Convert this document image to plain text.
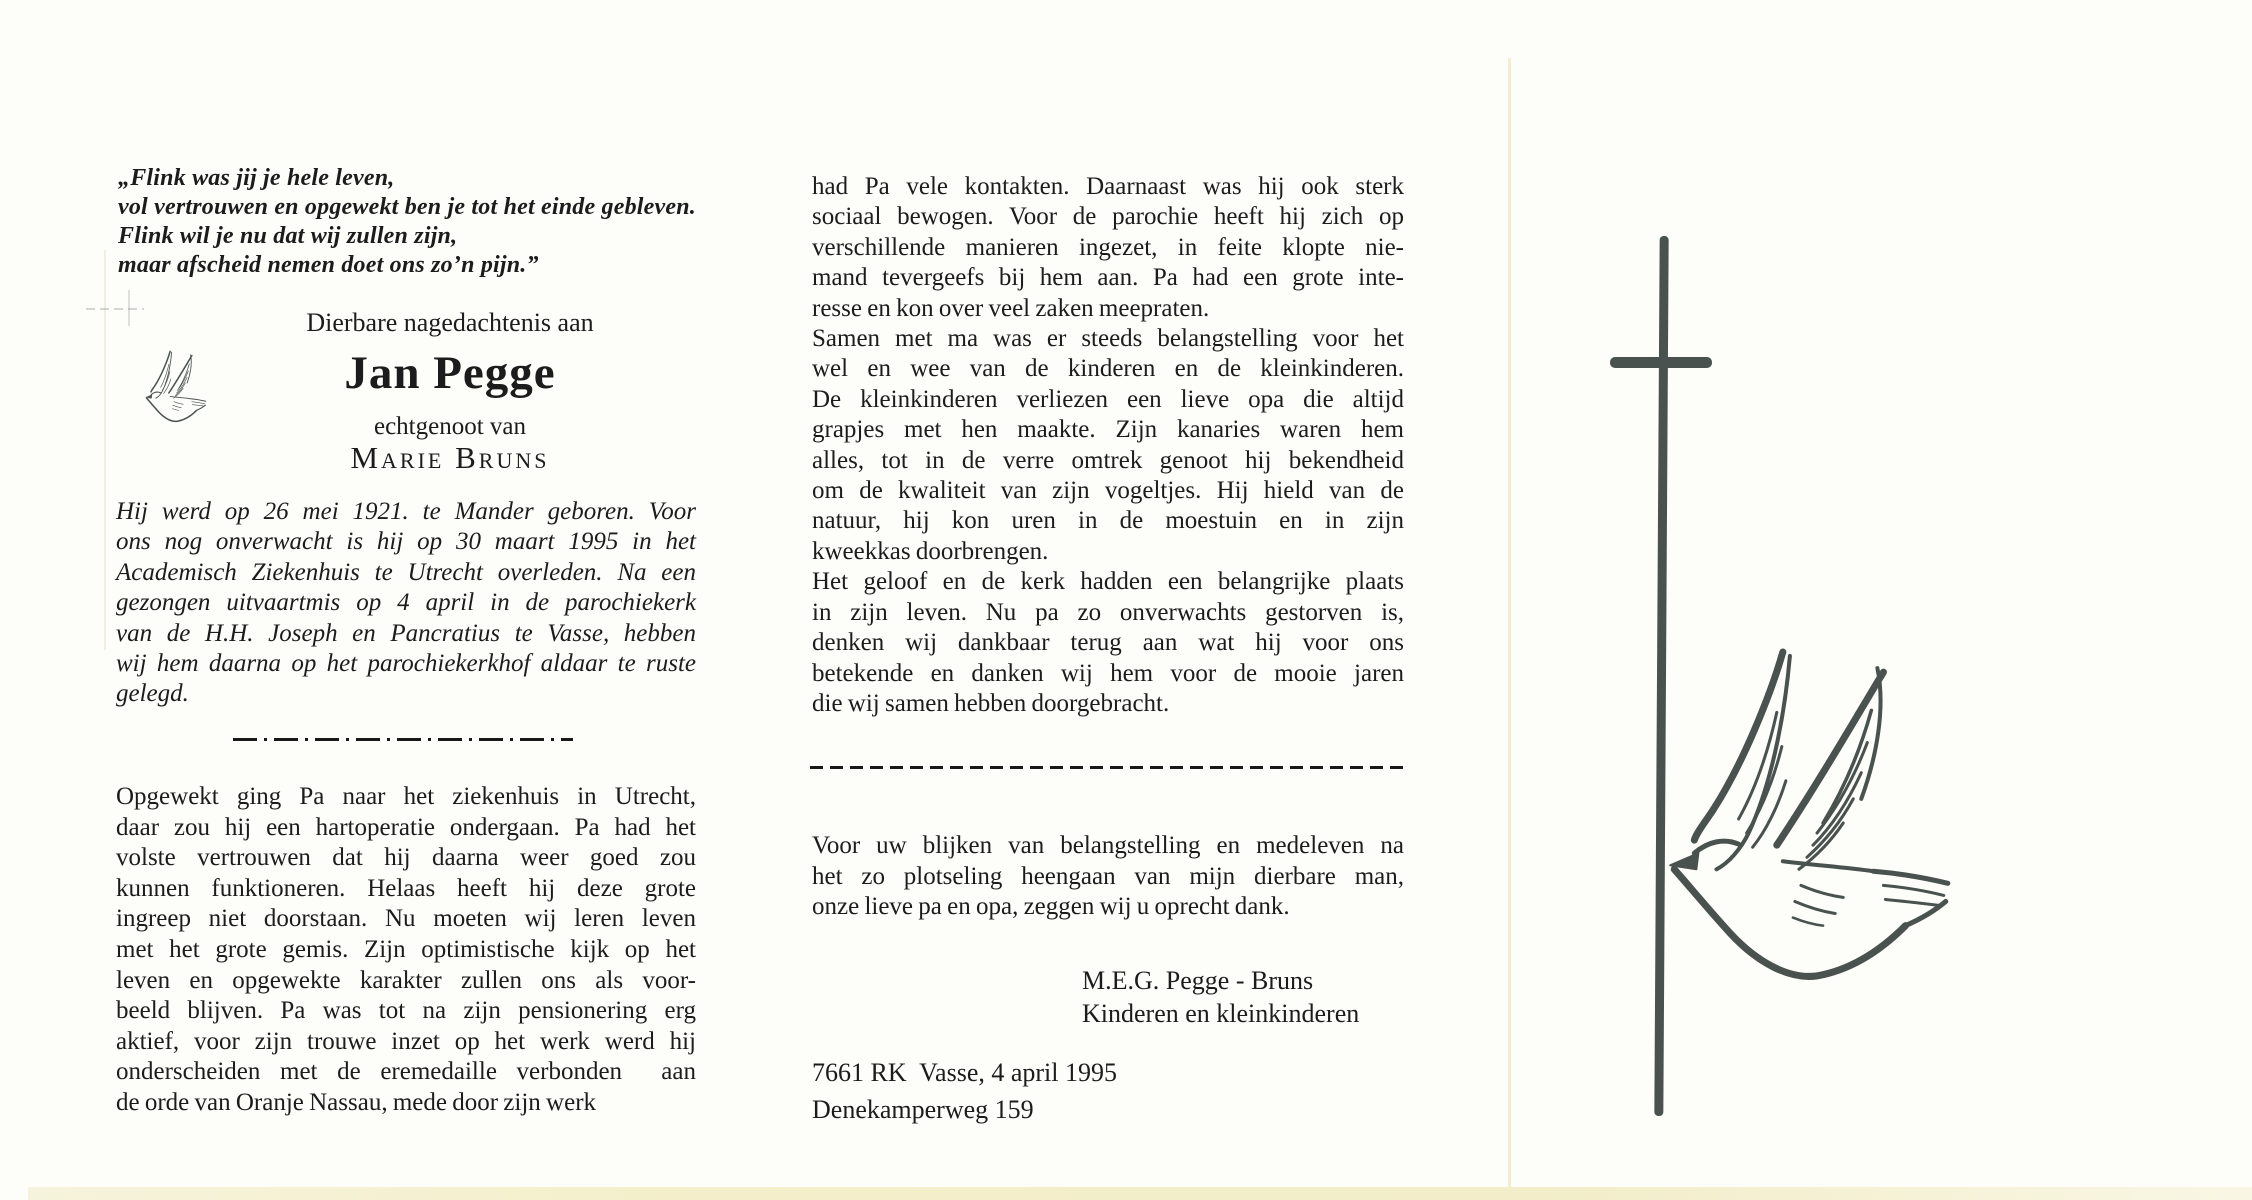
„Flink was jij je hele leven,
vol vertrouwen en opgewekt ben je tot het einde gebleven.
Flink wil je nu dat wij zullen zijn,
maar afscheid nemen doet ons zo’n pijn.”
Dierbare nagedachtenis aan
Jan Pegge
echtgenoot van
Marie Bruns
Hij werd op 26 mei 1921. te Mander geboren. Voor
ons nog onverwacht is hij op 30 maart 1995 in het
Academisch Ziekenhuis te Utrecht overleden. Na een
gezongen uitvaartmis op 4 april in de parochiekerk
van de H.H. Joseph en Pancratius te Vasse, hebben
wij hem daarna op het parochiekerkhof aldaar te ruste
gelegd.
Opgewekt ging Pa naar het ziekenhuis in Utrecht,
daar zou hij een hartoperatie ondergaan. Pa had het
volste vertrouwen dat hij daarna weer goed zou
kunnen funktioneren. Helaas heeft hij deze grote
ingreep niet doorstaan. Nu moeten wij leren leven
met het grote gemis. Zijn optimistische kijk op het
leven en opgewekte karakter zullen ons als voor-
beeld blijven. Pa was tot na zijn pensionering erg
aktief, voor zijn trouwe inzet op het werk werd hij
onderscheiden met de eremedaille verbonden  aan
de orde van Oranje Nassau, mede door zijn werk
had Pa vele kontakten. Daarnaast was hij ook sterk
sociaal bewogen. Voor de parochie heeft hij zich op
verschillende manieren ingezet, in feite klopte nie-
mand tevergeefs bij hem aan. Pa had een grote inte-
resse en kon over veel zaken meepraten.
Samen met ma was er steeds belangstelling voor het
wel en wee van de kinderen en de kleinkinderen.
De kleinkinderen verliezen een lieve opa die altijd
grapjes met hen maakte. Zijn kanaries waren hem
alles, tot in de verre omtrek genoot hij bekendheid
om de kwaliteit van zijn vogeltjes. Hij hield van de
natuur, hij kon uren in de moestuin en in zijn
kweekkas doorbrengen.
Het geloof en de kerk hadden een belangrijke plaats
in zijn leven. Nu pa zo onverwachts gestorven is,
denken wij dankbaar terug aan wat hij voor ons
betekende en danken wij hem voor de mooie jaren
die wij samen hebben doorgebracht.
Voor uw blijken van belangstelling en medeleven na
het zo plotseling heengaan van mijn dierbare man,
onze lieve pa en opa, zeggen wij u oprecht dank.
M.E.G. Pegge - Bruns
Kinderen en kleinkinderen
7661 RK  Vasse, 4 april 1995
Denekamperweg 159
